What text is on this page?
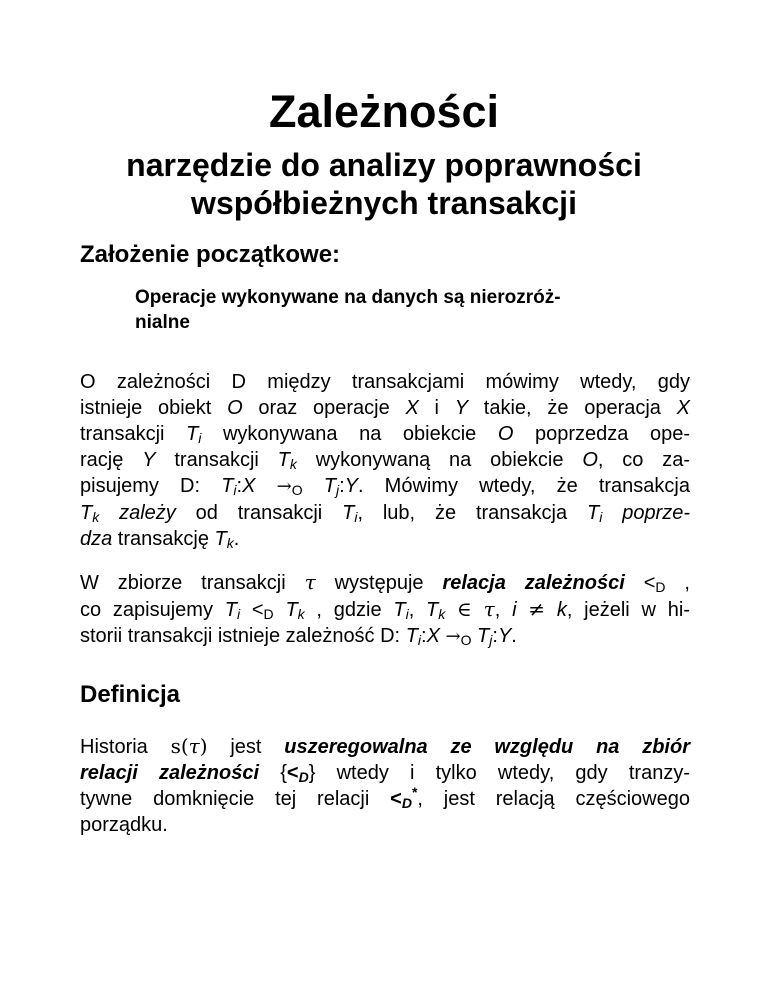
Zależności
narzędzie do analizy poprawności
współbieżnych transakcji
Założenie początkowe:

Operacje wykonywane na danych są nierozróż-
nialne

O zależności D między transakcjami mówimy wtedy, gdy
istnieje obiekt O oraz operacje X i Y takie, że operacja X
transakcji $T_i$ wykonywana na obiekcie O poprzedza ope-
rację Y transakcji $T_k$ wykonywaną na obiekcie O, co za-
pisujemy D: $T_i:X \to_O$ $T_j:Y$. Mówimy wtedy, że transakcja
$T_k$ zależy od transakcji $T_i$, lub, że transakcja $T_i$ poprze-
dza transakcję $T_k$.

W zbiorze transakcji τ występuje relacja zależności $<_D$ ,
co zapisujemy $T_i <_D$ $T_k$ , gdzie $T_i$, $T_k$ ∈ τ, i ≠ k, jeżeli w hi-
storii transakcji istnieje zależność D: $T_i:X \to_O$ $T_j:Y$.

Definicja

Historia s(τ) jest uszeregowalna ze względu na zbiór
relacji zależności $\{<_D\}$ wtedy i tylko wtedy, gdy tranzy-
tywne domknięcie tej relacji $<_D^*$, jest relacją częściowego
porządku.
